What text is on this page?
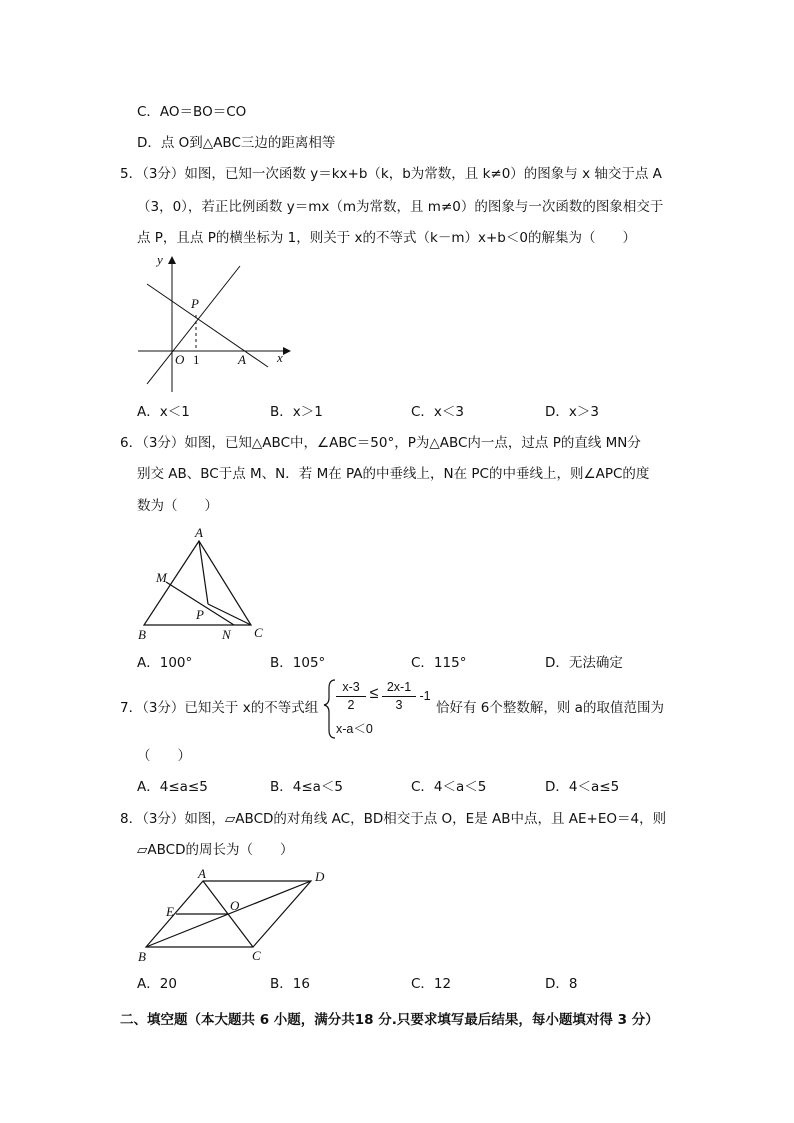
C．AO＝BO＝CO
D．点 O到△ABC三边的距离相等
5．（3分）如图，已知一次函数 y＝kx+b（k，b为常数，且 k≠0）的图象与 x 轴交于点 A
（3，0），若正比例函数 y＝mx（m为常数，且 m≠0）的图象与一次函数的图象相交于
点 P，且点 P的横坐标为 1，则关于 x的不等式（k－m）x+b＜0的解集为（　　）
y
x
P
O 1	A
A
M
P
B	N C
A	D
E	O
B	C
A．x＜1	B．x＞1	C．x＜3	D．x＞3
6．（3分）如图，已知△ABC中，∠ABC＝50°，P为△ABC内一点，过点 P的直线 MN分
别交 AB、BC于点 M、N．若 M在 PA的中垂线上，N在 PC的中垂线上，则∠APC的度
数为（　　）
A．100°	B．105°	C．115°	D．无法确定
7．（3分）已知关于 x的不等式组
x-3
2
≤ 2x-1
3
-1
x-a＜0
恰好有 6个整数解，则 a的取值范围为
（　　）
A．4≤a≤5	B．4≤a＜5	C．4＜a＜5	D．4＜a≤5
8．（3分）如图，▱ABCD的对角线 AC，BD相交于点 O，E是 AB中点，且 AE+EO＝4，则
▱ABCD的周长为（　　）
A．20	B．16	C．12	D．8
二、填空题（本大题共 6 小题，满分共18 分.只要求填写最后结果，每小题填对得 3 分）
